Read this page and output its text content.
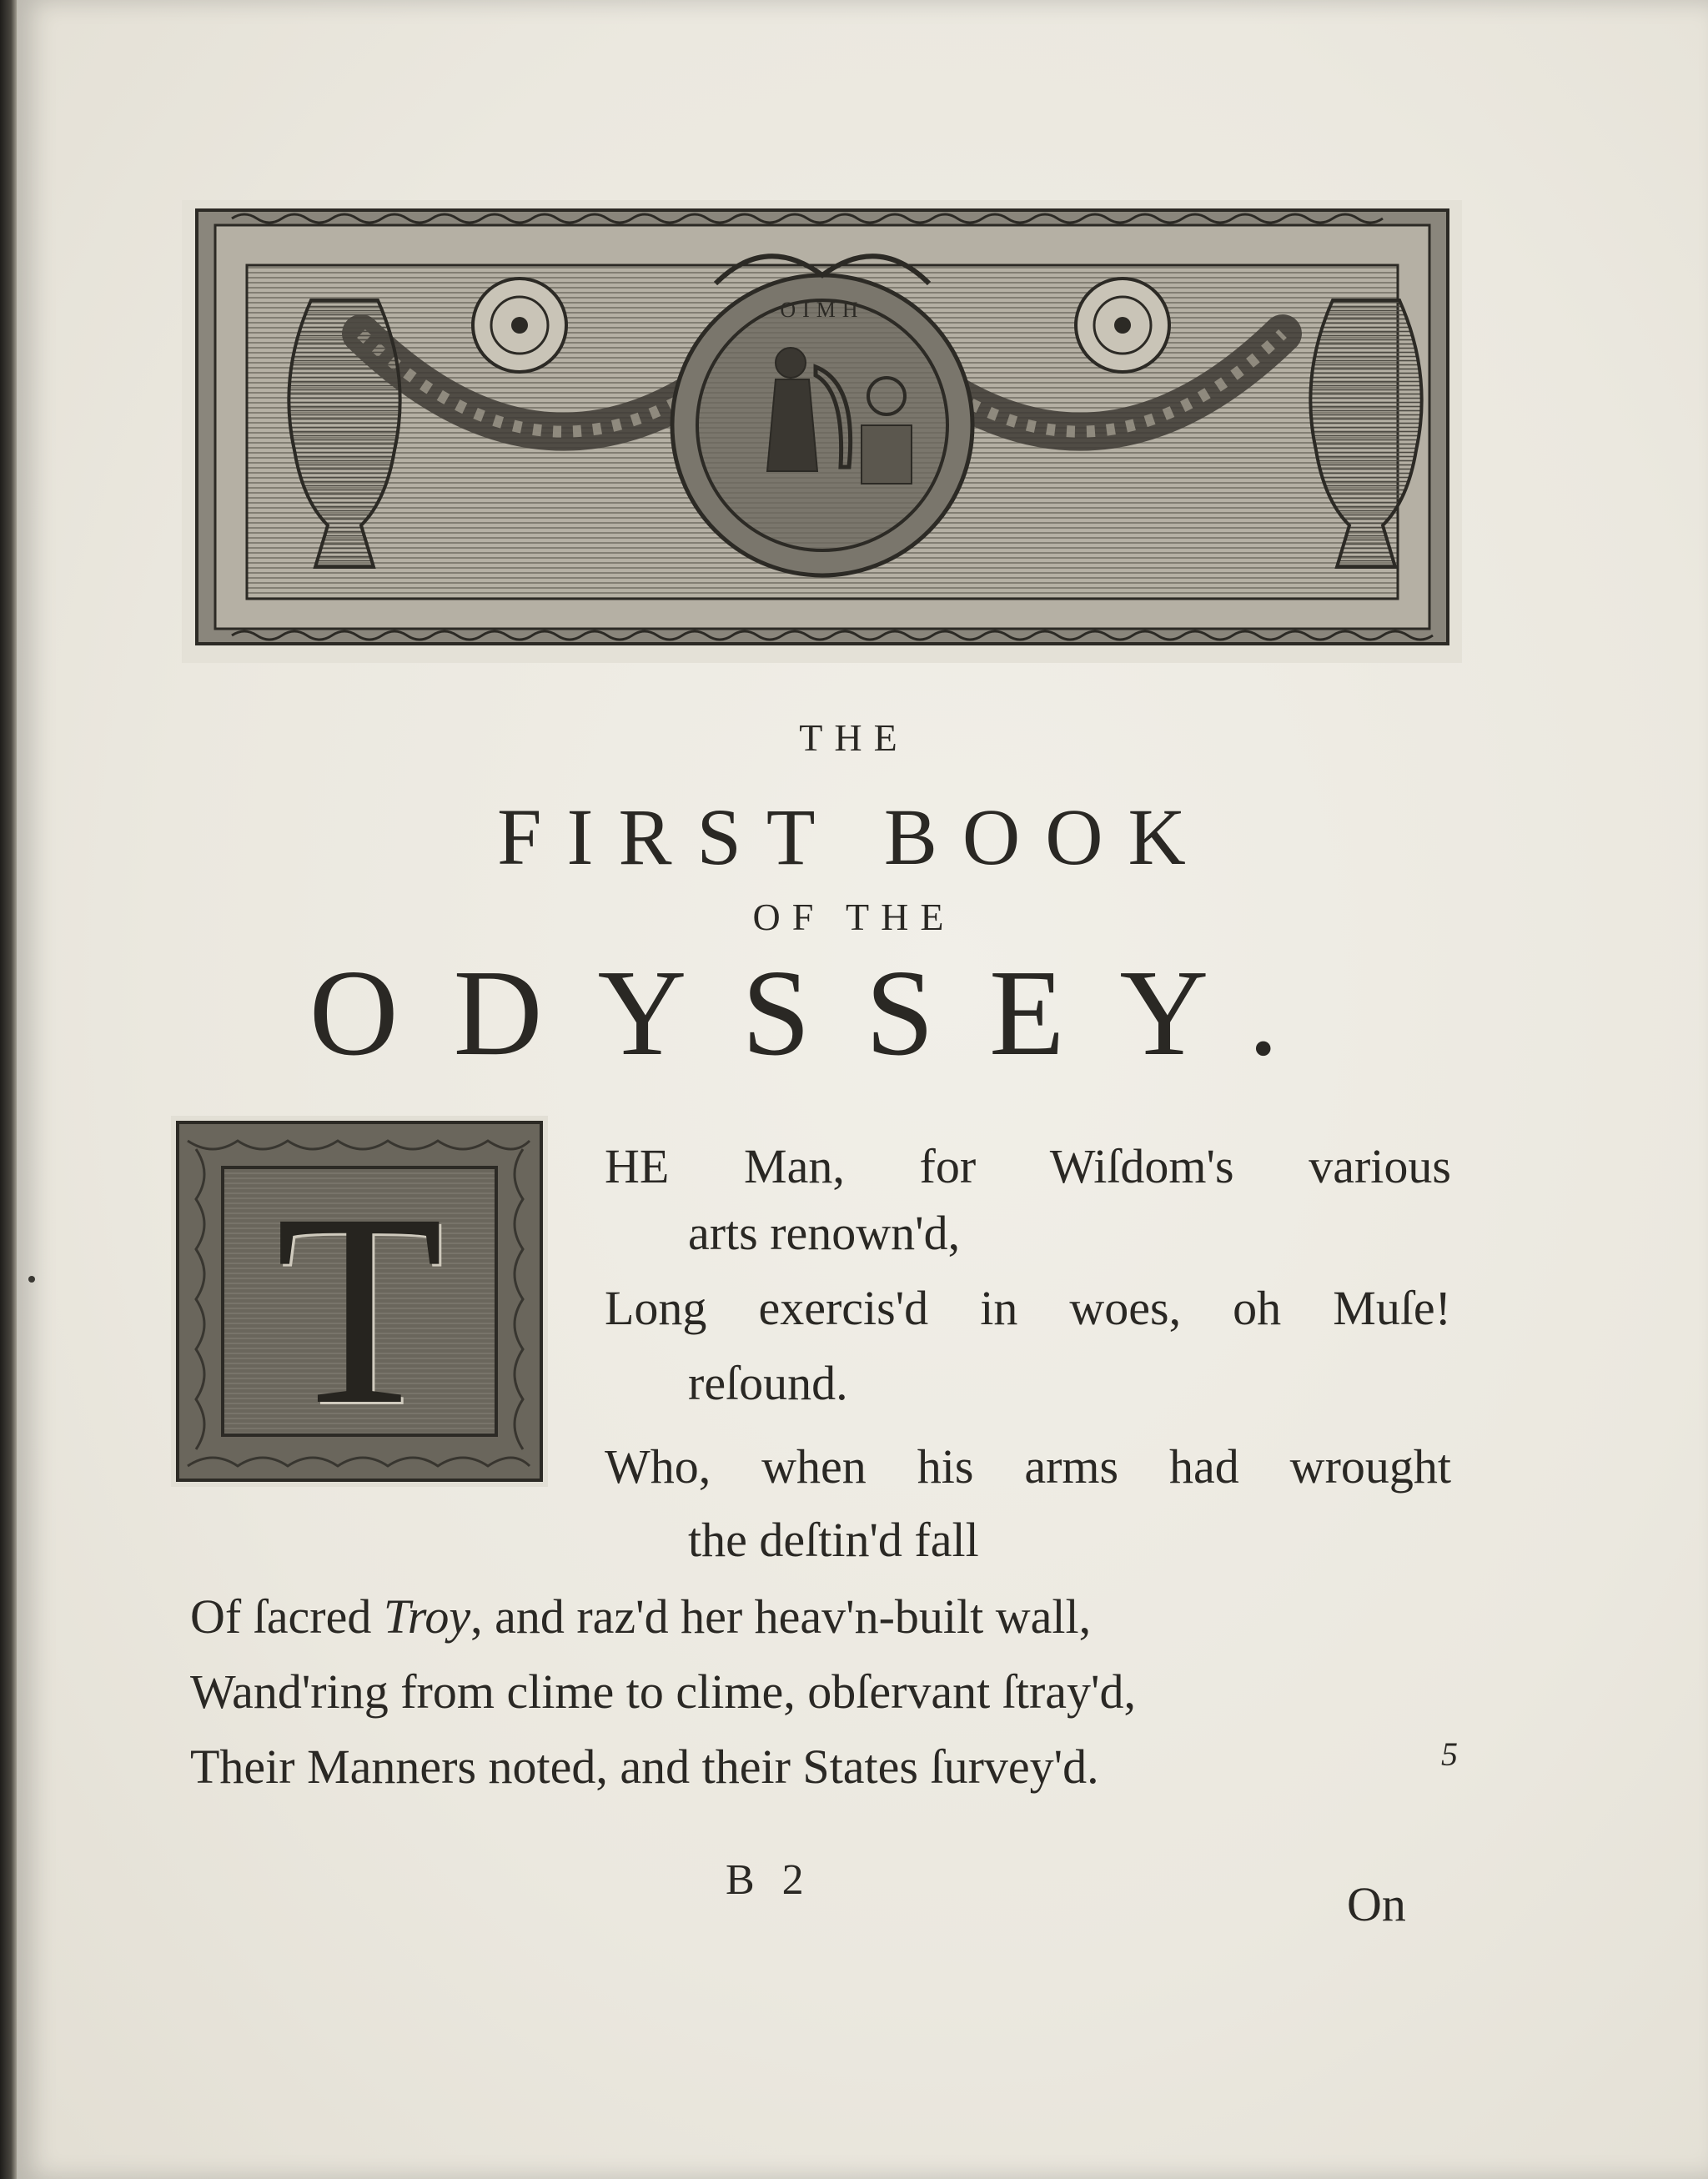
OIMH
THE
FIRST BOOK
OF THE
ODYSSEY.
T	HE Man, for Wiſdom's various
arts renown'd,
Long exercis'd in woes, oh Muſe!
reſound.
Who, when his arms had wrought
the deſtin'd fall
Of ſacred Troy, and raz'd her heav'n-built wall,
Wand'ring from clime to clime, obſervant ſtray'd,
Their Manners noted, and their States ſurvey'd.	5
B 2	On
